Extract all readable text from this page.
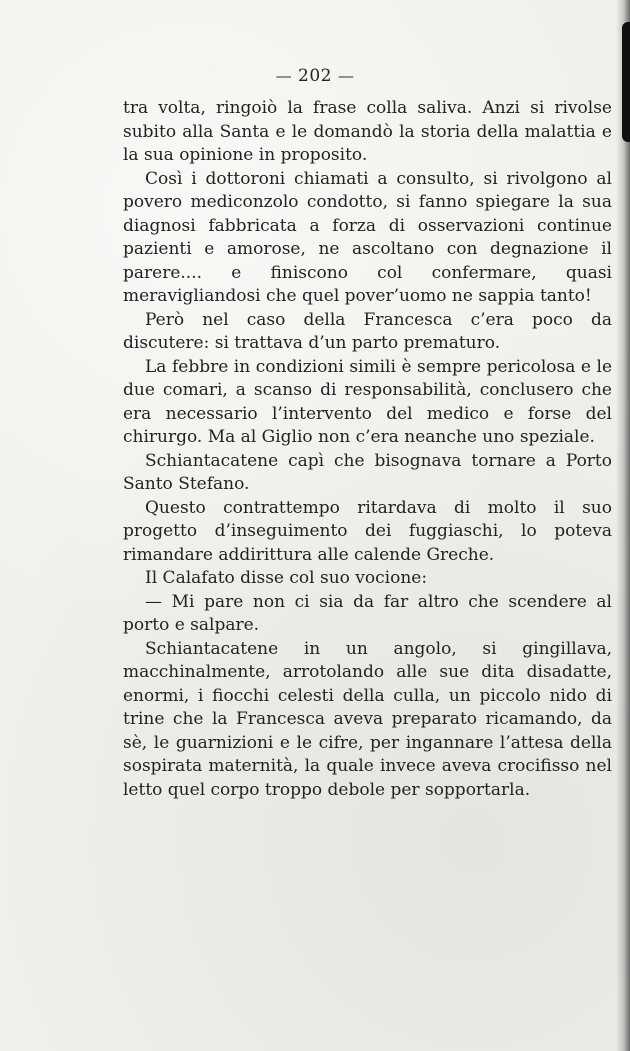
— 202 —

tra volta, ringoiò la frase colla saliva. Anzi si rivolse subito alla Santa e le domandò la storia della malattia e la sua opinione in proposito.

Così i dottoroni chiamati a consulto, si rivolgono al povero mediconzolo condotto, si fanno spiegare la sua diagnosi fabbricata a forza di osservazioni continue pazienti e amorose, ne ascoltano con degnazione il parere.... e finiscono col confermare, quasi meravigliandosi che quel pover’uomo ne sappia tanto!

Però nel caso della Francesca c’era poco da discutere: si trattava d’un parto prematuro.

La febbre in condizioni simili è sempre pericolosa e le due comari, a scanso di responsabilità, conclusero che era necessario l’intervento del medico e forse del chirurgo. Ma al Giglio non c’era neanche uno speziale.

Schiantacatene capì che bisognava tornare a Porto Santo Stefano.

Questo contrattempo ritardava di molto il suo progetto d’inseguimento dei fuggiaschi, lo poteva rimandare addirittura alle calende Greche.

Il Calafato disse col suo vocione:

— Mi pare non ci sia da far altro che scendere al porto e salpare.

Schiantacatene in un angolo, si gingillava, macchinalmente, arrotolando alle sue dita disadatte, enormi, i fiocchi celesti della culla, un piccolo nido di trine che la Francesca aveva preparato ricamando, da sè, le guarnizioni e le cifre, per ingannare l’attesa della sospirata maternità, la quale invece aveva crocifisso nel letto quel corpo troppo debole per sopportarla.
